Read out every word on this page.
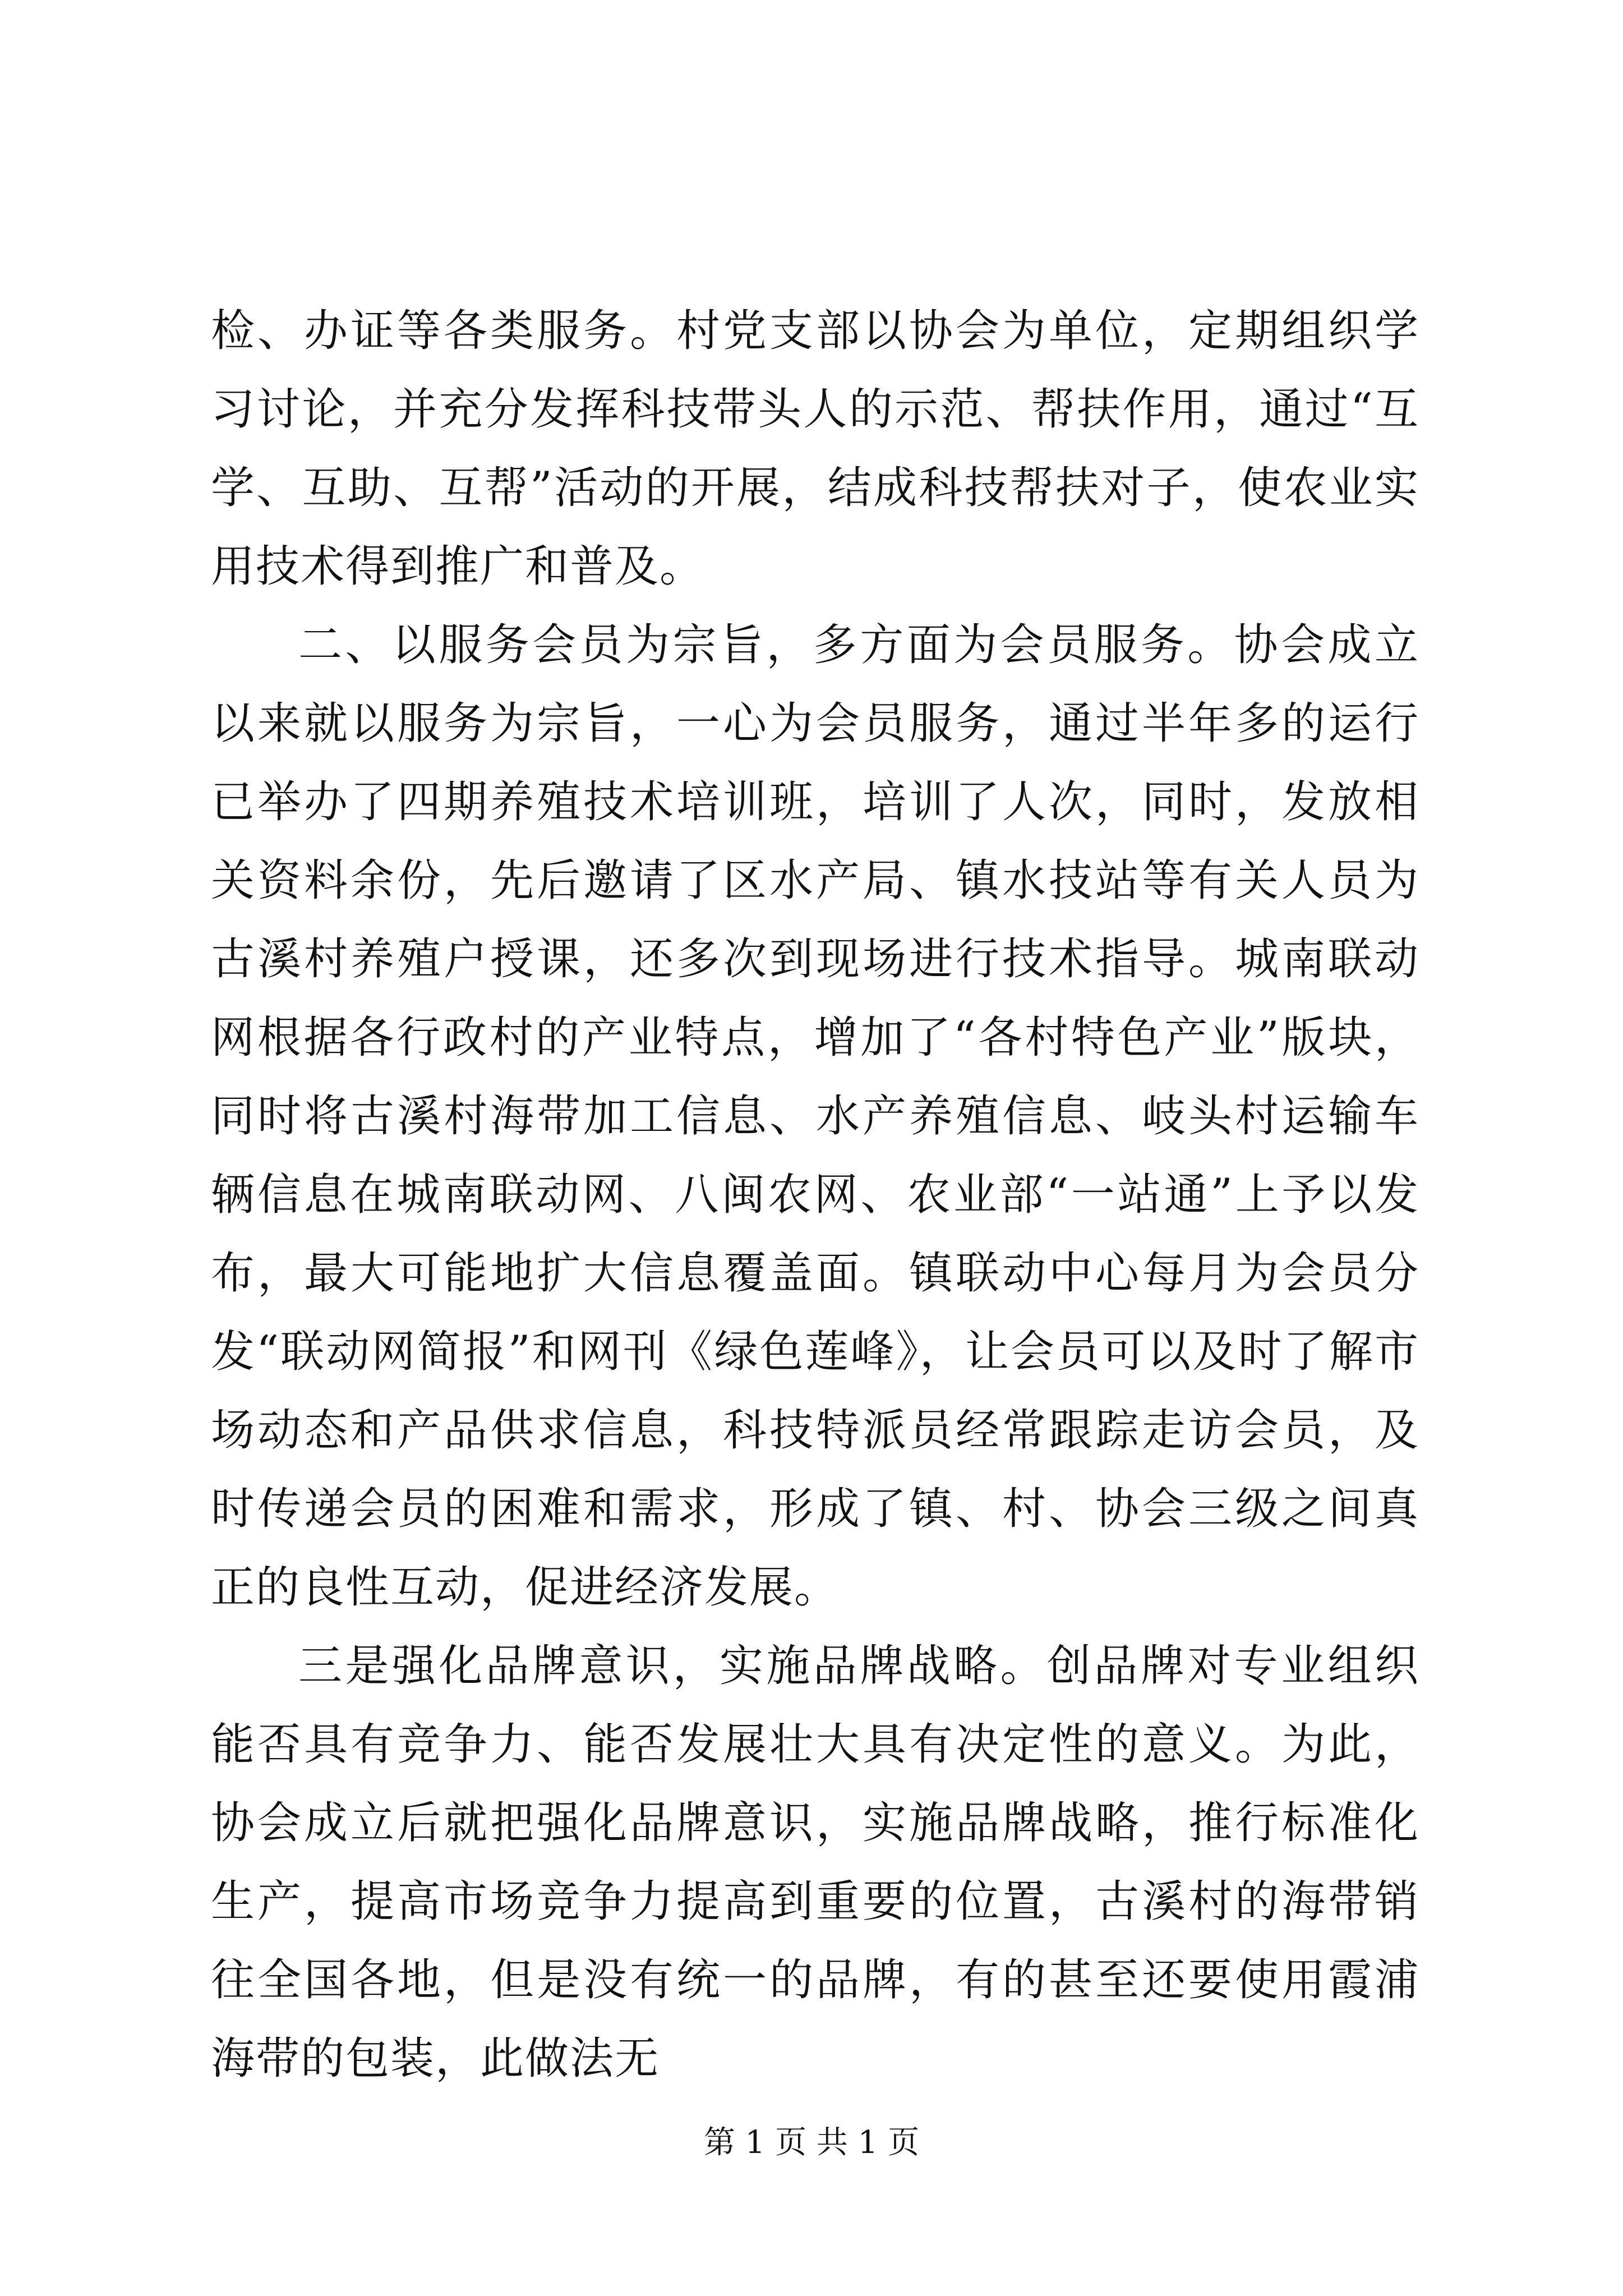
检、办证等各类服务。村党支部以协会为单位，定期组织学习讨论，并充分发挥科技带头人的示范、帮扶作用，通过“互学、互助、互帮”活动的开展，结成科技帮扶对子，使农业实用技术得到推广和普及。

二、以服务会员为宗旨，多方面为会员服务。协会成立以来就以服务为宗旨，一心为会员服务，通过半年多的运行已举办了四期养殖技术培训班，培训了人次，同时，发放相关资料余份，先后邀请了区水产局、镇水技站等有关人员为古溪村养殖户授课，还多次到现场进行技术指导。城南联动网根据各行政村的产业特点，增加了“各村特色产业”版块，同时将古溪村海带加工信息、水产养殖信息、岐头村运输车辆信息在城南联动网、八闽农网、农业部“一站通”上予以发布，最大可能地扩大信息覆盖面。镇联动中心每月为会员分发“联动网简报”和网刊《绿色莲峰》，让会员可以及时了解市场动态和产品供求信息，科技特派员经常跟踪走访会员，及时传递会员的困难和需求，形成了镇、村、协会三级之间真正的良性互动，促进经济发展。

三是强化品牌意识，实施品牌战略。创品牌对专业组织能否具有竞争力、能否发展壮大具有决定性的意义。为此，协会成立后就把强化品牌意识，实施品牌战略，推行标准化生产，提高市场竞争力提高到重要的位置，古溪村的海带销往全国各地，但是没有统一的品牌，有的甚至还要使用霞浦海带的包装，此做法无

第 1 页 共 1 页
